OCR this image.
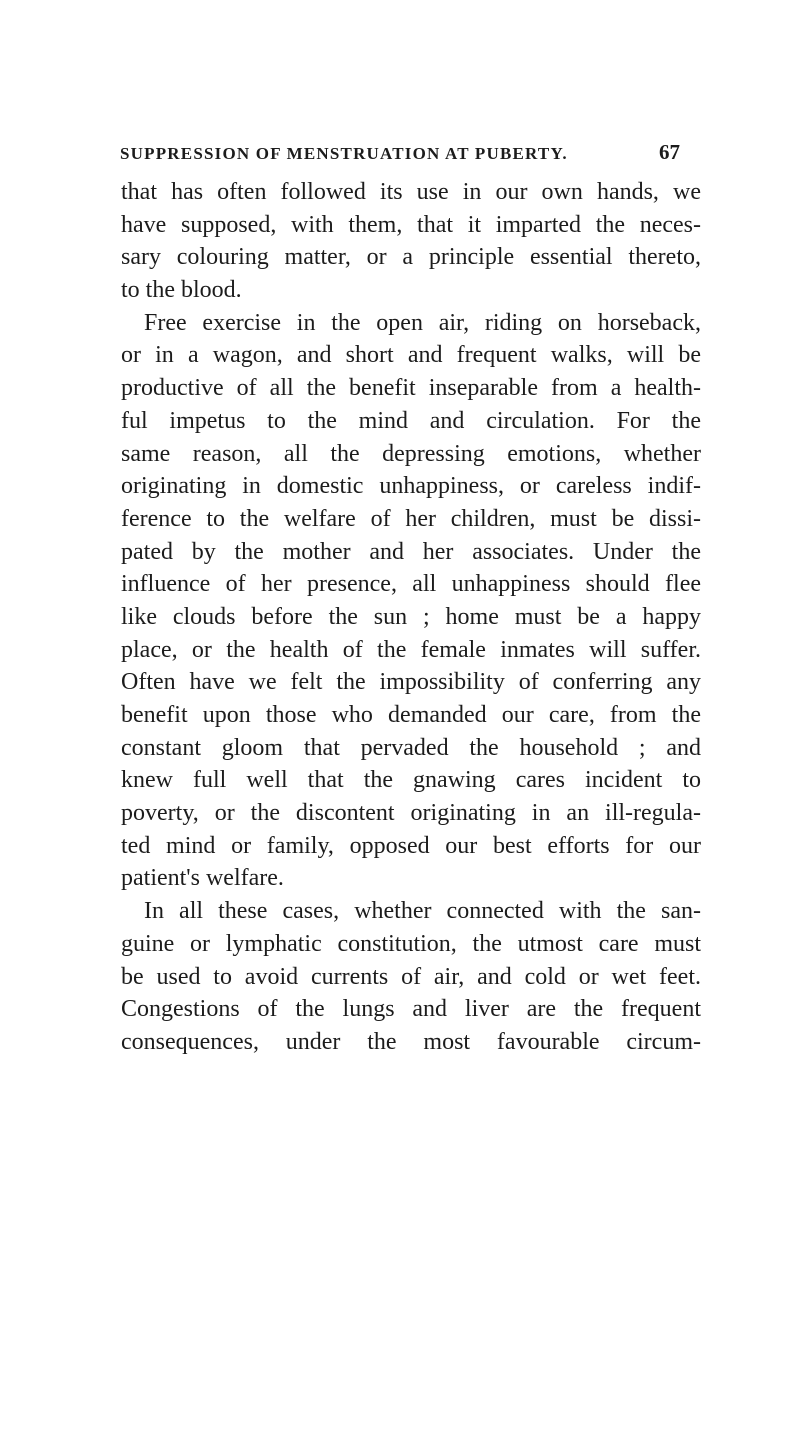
SUPPRESSION OF MENSTRUATION AT PUBERTY.	67
that has often followed its use in our own hands, we
have supposed, with them, that it imparted the neces-
sary colouring matter, or a principle essential thereto,
to the blood.
Free exercise in the open air, riding on horseback,
or in a wagon, and short and frequent walks, will be
productive of all the benefit inseparable from a health-
ful impetus to the mind and circulation. For the
same reason, all the depressing emotions, whether
originating in domestic unhappiness, or careless indif-
ference to the welfare of her children, must be dissi-
pated by the mother and her associates. Under the
influence of her presence, all unhappiness should flee
like clouds before the sun ; home must be a happy
place, or the health of the female inmates will suffer.
Often have we felt the impossibility of conferring any
benefit upon those who demanded our care, from the
constant gloom that pervaded the household ; and
knew full well that the gnawing cares incident to
poverty, or the discontent originating in an ill-regula-
ted mind or family, opposed our best efforts for our
patient's welfare.
In all these cases, whether connected with the san-
guine or lymphatic constitution, the utmost care must
be used to avoid currents of air, and cold or wet feet.
Congestions of the lungs and liver are the frequent
consequences, under the most favourable circum-
